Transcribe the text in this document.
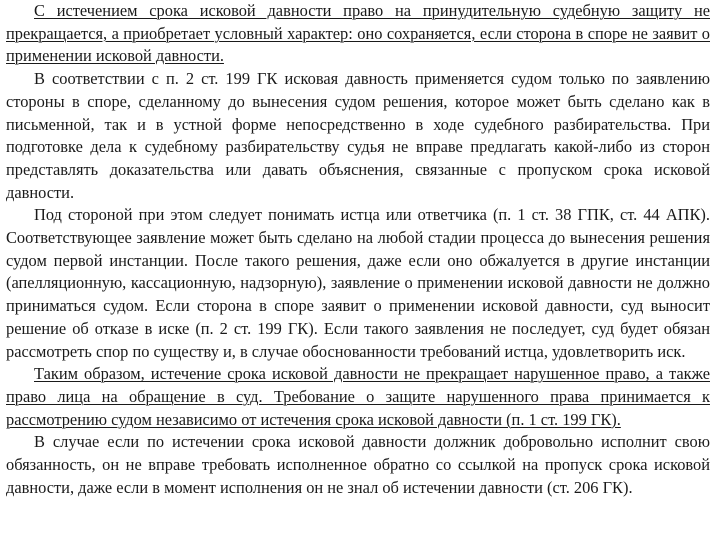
С истечением срока исковой давности право на принудительную судебную защиту не прекращается, а приобретает условный характер: оно сохраняется, если сторона в споре не заявит о применении исковой давности.

В соответствии с п. 2 ст. 199 ГК исковая давность применяется судом только по заявлению стороны в споре, сделанному до вынесения судом решения, которое может быть сделано как в письменной, так и в устной форме непосредственно в ходе судебного разбирательства. При подготовке дела к судебному разбирательству судья не вправе предлагать какой-либо из сторон представлять доказательства или давать объяснения, связанные с пропуском срока исковой давности.

Под стороной при этом следует понимать истца или ответчика (п. 1 ст. 38 ГПК, ст. 44 АПК). Соответствующее заявление может быть сделано на любой стадии процесса до вынесения решения судом первой инстанции. После такого решения, даже если оно обжалуется в другие инстанции (апелляционную, кассационную, надзорную), заявление о применении исковой давности не должно приниматься судом. Если сторона в споре заявит о применении исковой давности, суд выносит решение об отказе в иске (п. 2 ст. 199 ГК). Если такого заявления не последует, суд будет обязан рассмотреть спор по существу и, в случае обоснованности требований истца, удовлетворить иск.

Таким образом, истечение срока исковой давности не прекращает нарушенное право, а также право лица на обращение в суд. Требование о защите нарушенного права принимается к рассмотрению судом независимо от истечения срока исковой давности (п. 1 ст. 199 ГК).

В случае если по истечении срока исковой давности должник добровольно исполнит свою обязанность, он не вправе требовать исполненное обратно со ссылкой на пропуск срока исковой давности, даже если в момент исполнения он не знал об истечении давности (ст. 206 ГК).
